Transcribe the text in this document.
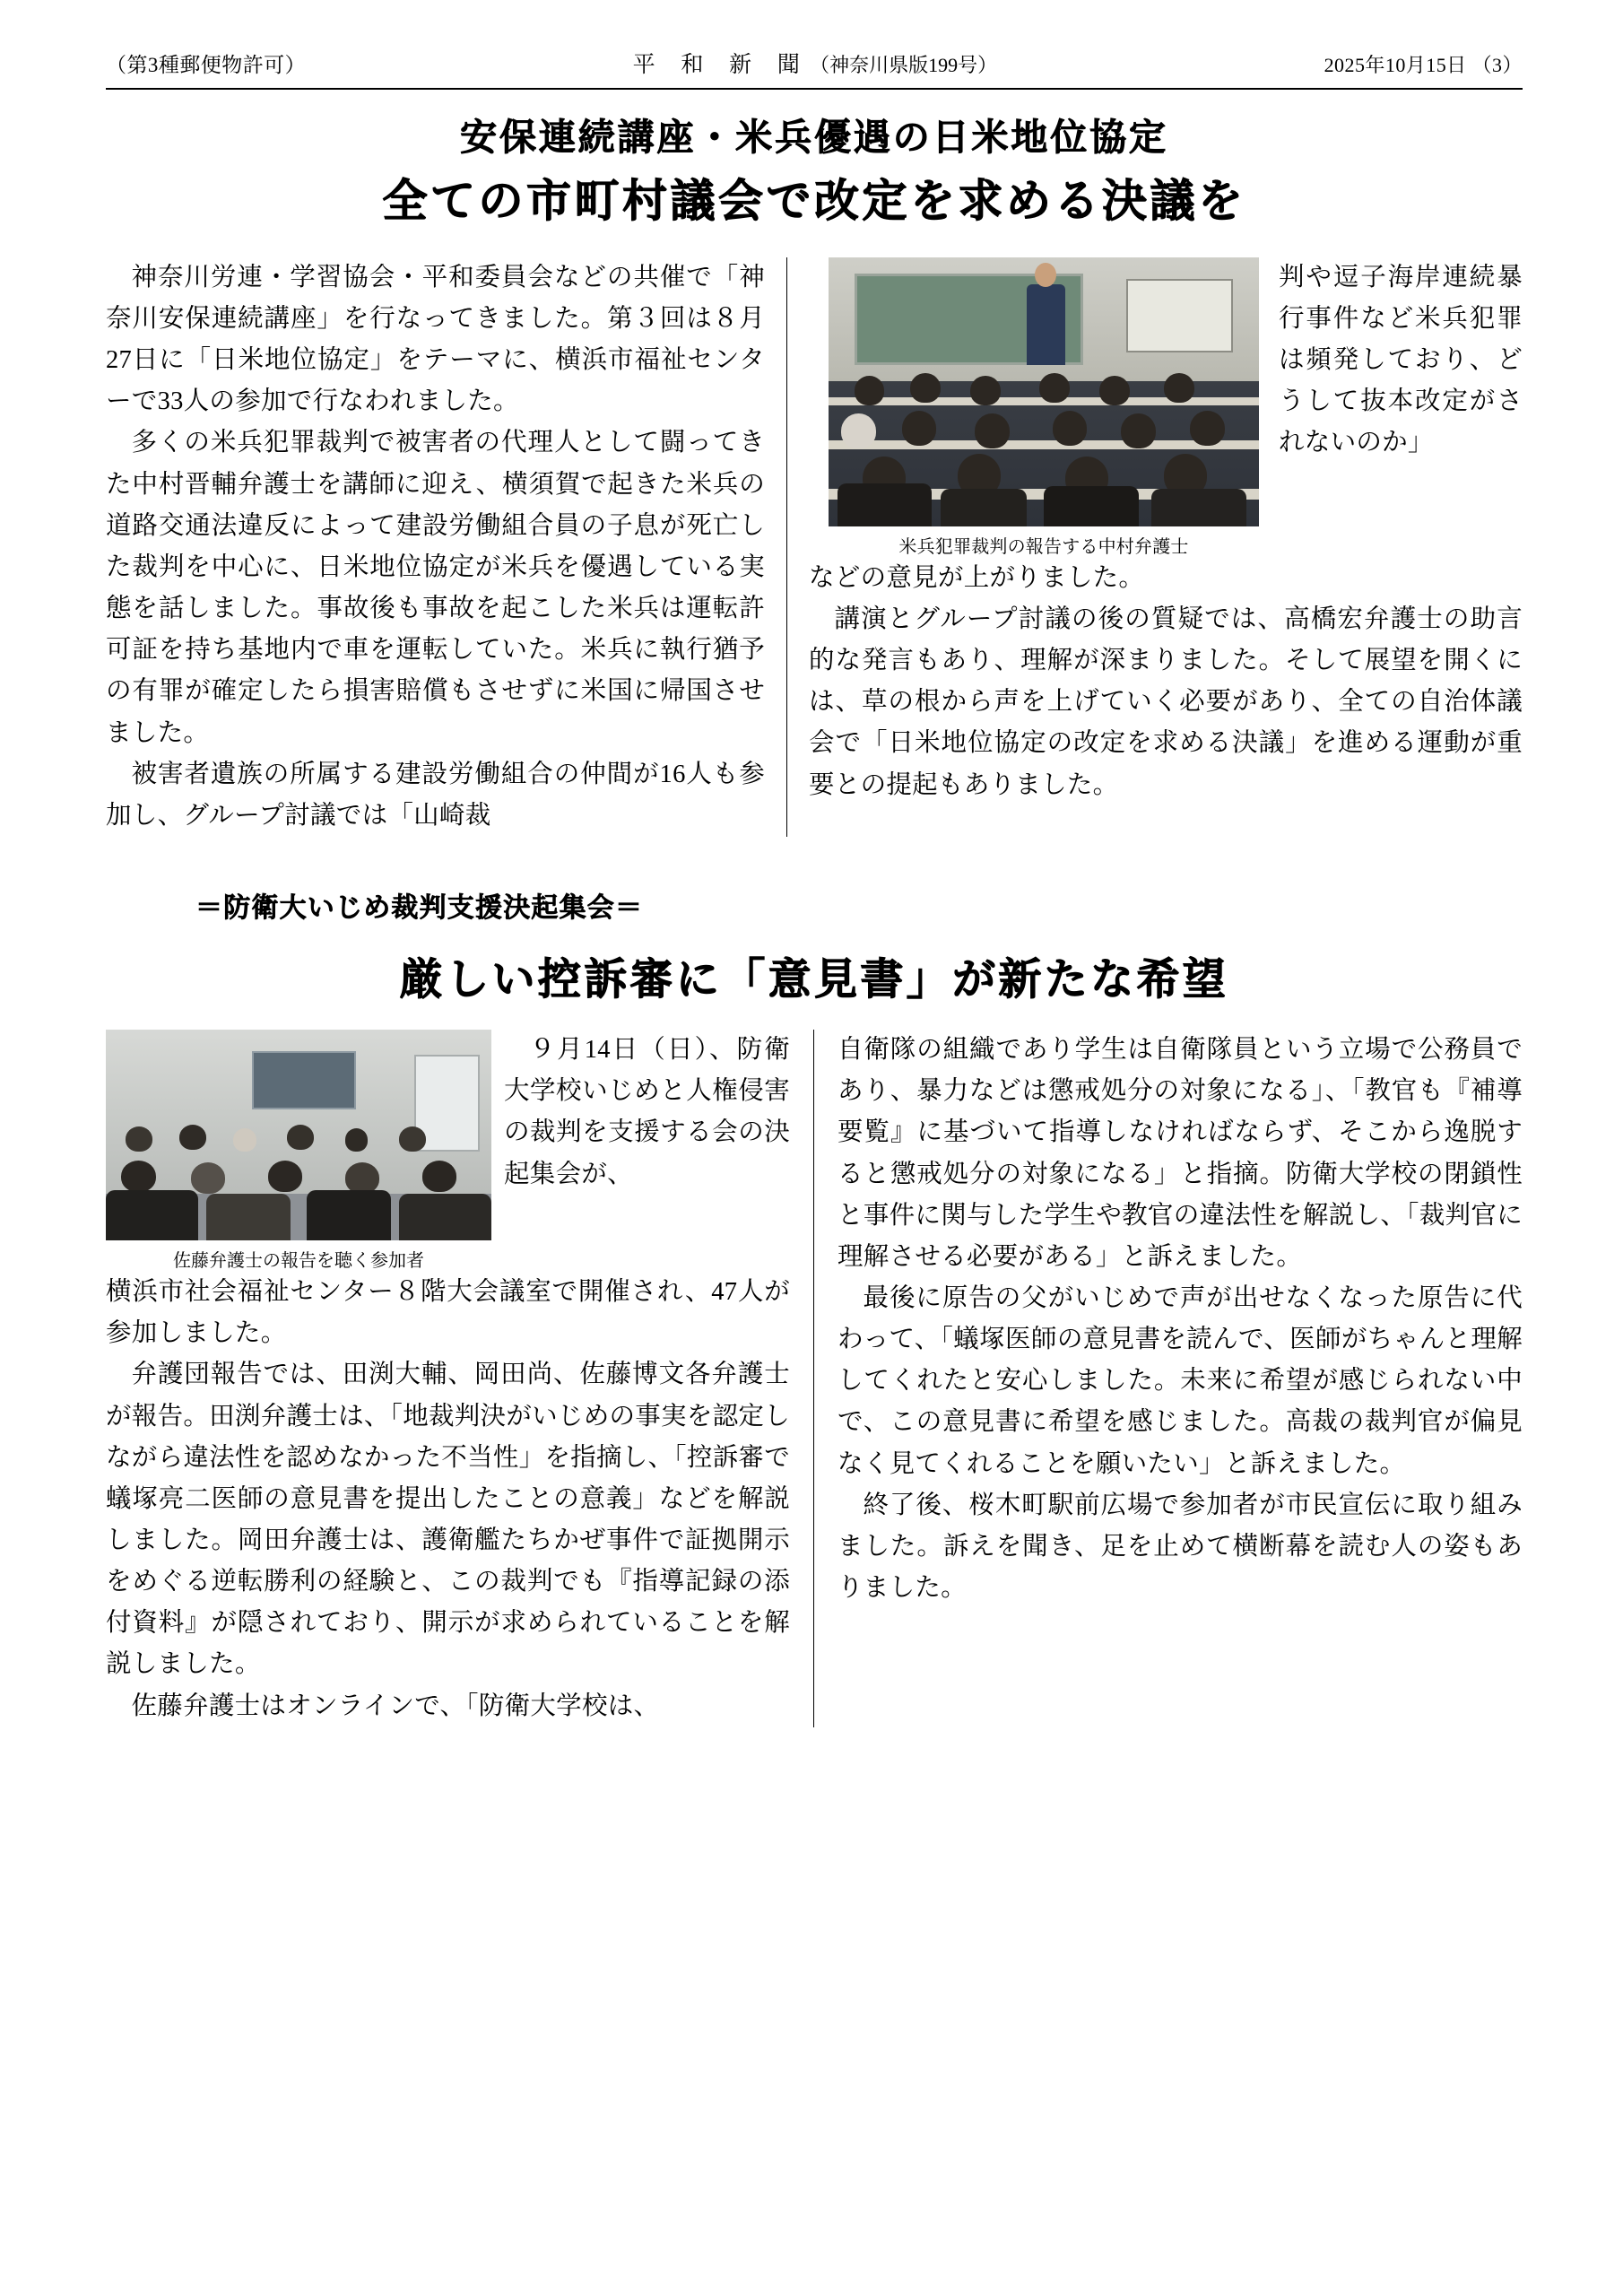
（第3種郵便物許可）	平 和 新 聞（神奈川県版199号）	2025年10月15日 （3）
安保連続講座・米兵優遇の日米地位協定
全ての市町村議会で改定を求める決議を

神奈川労連・学習協会・平和委員会などの共催で「神奈川安保連続講座」を行なってきました。第３回は８月27日に「日米地位協定」をテーマに、横浜市福祉センターで33人の参加で行なわれました。

多くの米兵犯罪裁判で被害者の代理人として闘ってきた中村晋輔弁護士を講師に迎え、横須賀で起きた米兵の道路交通法違反によって建設労働組合員の子息が死亡した裁判を中心に、日米地位協定が米兵を優遇している実態を話しました。事故後も事故を起こした米兵は運転許可証を持ち基地内で車を運転していた。米兵に執行猶予の有罪が確定したら損害賠償もさせずに米国に帰国させました。

被害者遺族の所属する建設労働組合の仲間が16人も参加し、グループ討議では「山崎裁

米兵犯罪裁判の報告する中村弁護士

判や逗子海岸連続暴行事件など米兵犯罪は頻発しており、どうして抜本改定がされないのか」

などの意見が上がりました。

講演とグループ討議の後の質疑では、高橋宏弁護士の助言的な発言もあり、理解が深まりました。そして展望を開くには、草の根から声を上げていく必要があり、全ての自治体議会で「日米地位協定の改定を求める決議」を進める運動が重要との提起もありました。

＝防衛大いじめ裁判支援決起集会＝
厳しい控訴審に「意見書」が新たな希望
佐藤弁護士の報告を聴く参加者

９月14日（日）、防衛大学校いじめと人権侵害の裁判を支援する会の決起集会が、

横浜市社会福祉センター８階大会議室で開催され、47人が参加しました。

弁護団報告では、田渕大輔、岡田尚、佐藤博文各弁護士が報告。田渕弁護士は、「地裁判決がいじめの事実を認定しながら違法性を認めなかった不当性」を指摘し、「控訴審で蟻塚亮二医師の意見書を提出したことの意義」などを解説しました。岡田弁護士は、護衛艦たちかぜ事件で証拠開示をめぐる逆転勝利の経験と、この裁判でも『指導記録の添付資料』が隠されており、開示が求められていることを解説しました。

佐藤弁護士はオンラインで、「防衛大学校は、

自衛隊の組織であり学生は自衛隊員という立場で公務員であり、暴力などは懲戒処分の対象になる」、「教官も『補導要覧』に基づいて指導しなければならず、そこから逸脱すると懲戒処分の対象になる」と指摘。防衛大学校の閉鎖性と事件に関与した学生や教官の違法性を解説し、「裁判官に理解させる必要がある」と訴えました。

最後に原告の父がいじめで声が出せなくなった原告に代わって、「蟻塚医師の意見書を読んで、医師がちゃんと理解してくれたと安心しました。未来に希望が感じられない中で、この意見書に希望を感じました。高裁の裁判官が偏見なく見てくれることを願いたい」と訴えました。

終了後、桜木町駅前広場で参加者が市民宣伝に取り組みました。訴えを聞き、足を止めて横断幕を読む人の姿もありました。
